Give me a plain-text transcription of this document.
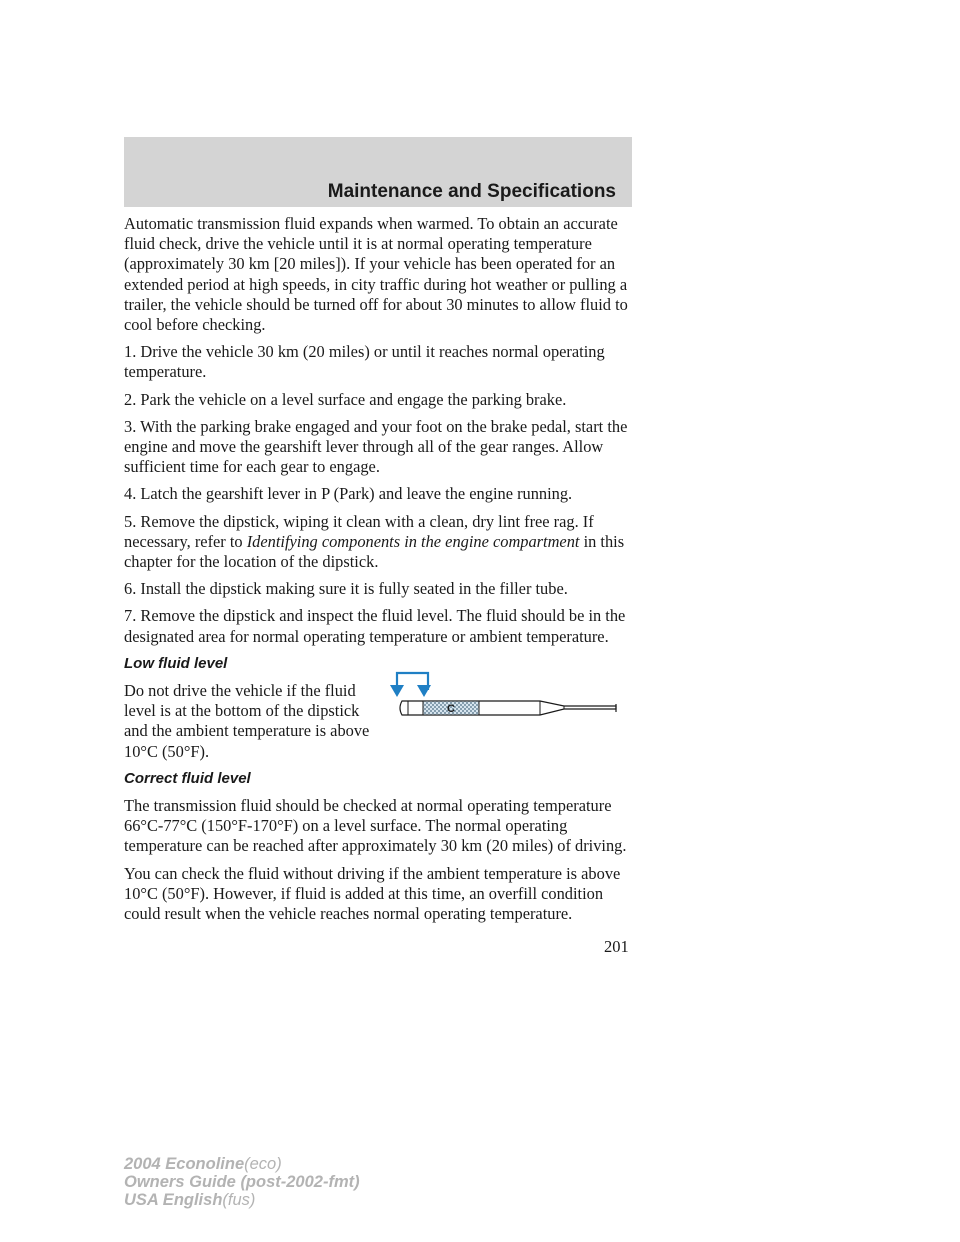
Maintenance and Specifications

Automatic transmission fluid expands when warmed. To obtain an accurate fluid check, drive the vehicle until it is at normal operating temperature (approximately 30 km [20 miles]). If your vehicle has been operated for an extended period at high speeds, in city traffic during hot weather or pulling a trailer, the vehicle should be turned off for about 30 minutes to allow fluid to cool before checking.

1. Drive the vehicle 30 km (20 miles) or until it reaches normal operating temperature.

2. Park the vehicle on a level surface and engage the parking brake.

3. With the parking brake engaged and your foot on the brake pedal, start the engine and move the gearshift lever through all of the gear ranges. Allow sufficient time for each gear to engage.

4. Latch the gearshift lever in P (Park) and leave the engine running.

5. Remove the dipstick, wiping it clean with a clean, dry lint free rag. If necessary, refer to Identifying components in the engine compartment in this chapter for the location of the dipstick.

6. Install the dipstick making sure it is fully seated in the filler tube.

7. Remove the dipstick and inspect the fluid level. The fluid should be in the designated area for normal operating temperature or ambient temperature.

Low fluid level

Do not drive the vehicle if the fluid level is at the bottom of the dipstick and the ambient temperature is above 10°C (50°F).

Correct fluid level

The transmission fluid should be checked at normal operating temperature 66°C-77°C (150°F-170°F) on a level surface. The normal operating temperature can be reached after approximately 30 km (20 miles) of driving.

You can check the fluid without driving if the ambient temperature is above 10°C (50°F). However, if fluid is added at this time, an overfill condition could result when the vehicle reaches normal operating temperature.

C
201
2004 Econoline(eco)
Owners Guide (post-2002-fmt)
USA English(fus)
